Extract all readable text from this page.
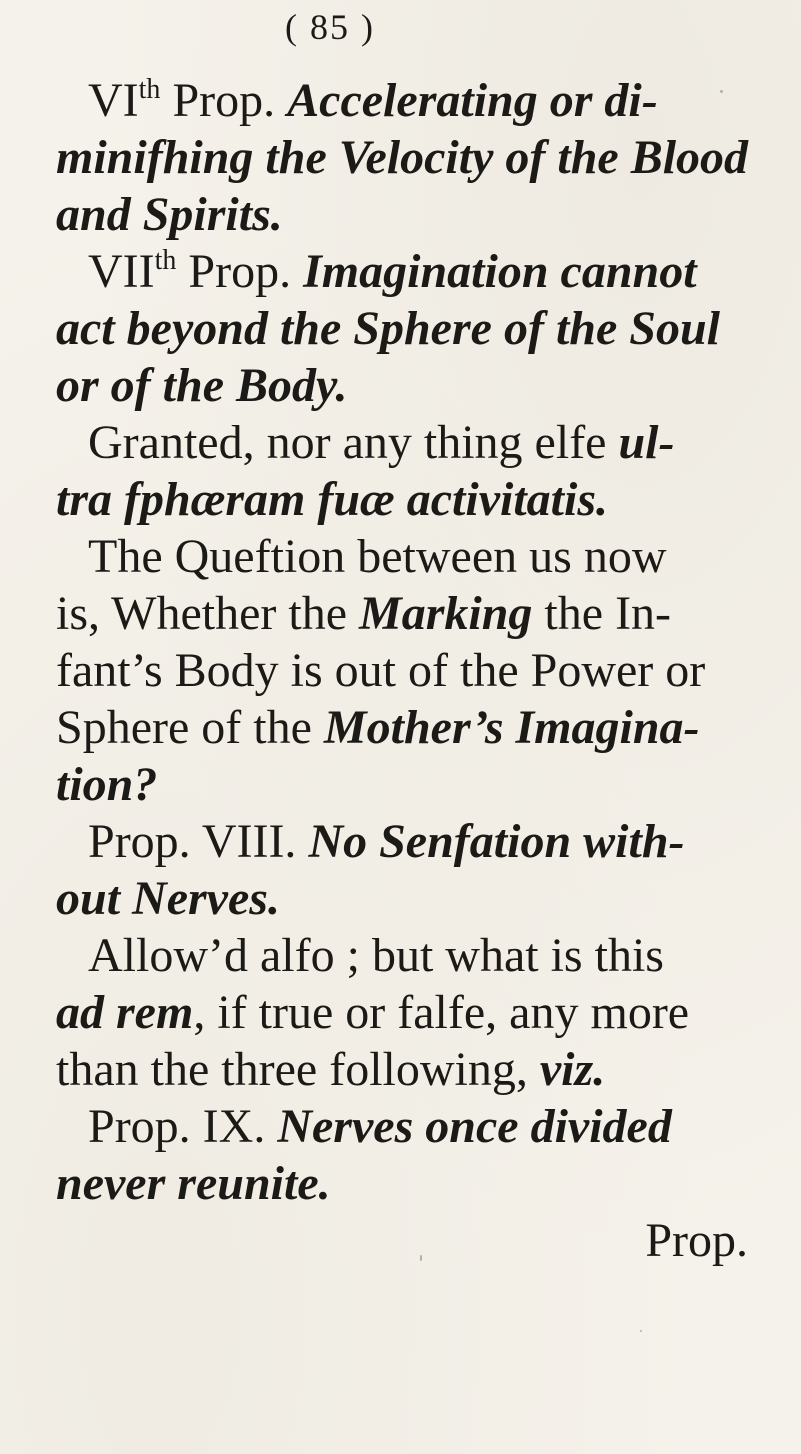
( 85 )
VIth Prop. Accelerating or di-
minifhing the Velocity of the Blood
and Spirits.
VIIth Prop. Imagination cannot
act beyond the Sphere of the Soul
or of the Body.
Granted, nor any thing elfe ul-
tra fphæram fuæ activitatis.
The Queftion between us now
is, Whether the Marking the In-
fant’s Body is out of the Power or
Sphere of the Mother’s Imagina-
tion?
Prop. VIII. No Senfation with-
out Nerves.
Allow’d alfo ; but what is this
ad rem, if true or falfe, any more
than the three following, viz.
Prop. IX. Nerves once divided
never reunite.
Prop.
